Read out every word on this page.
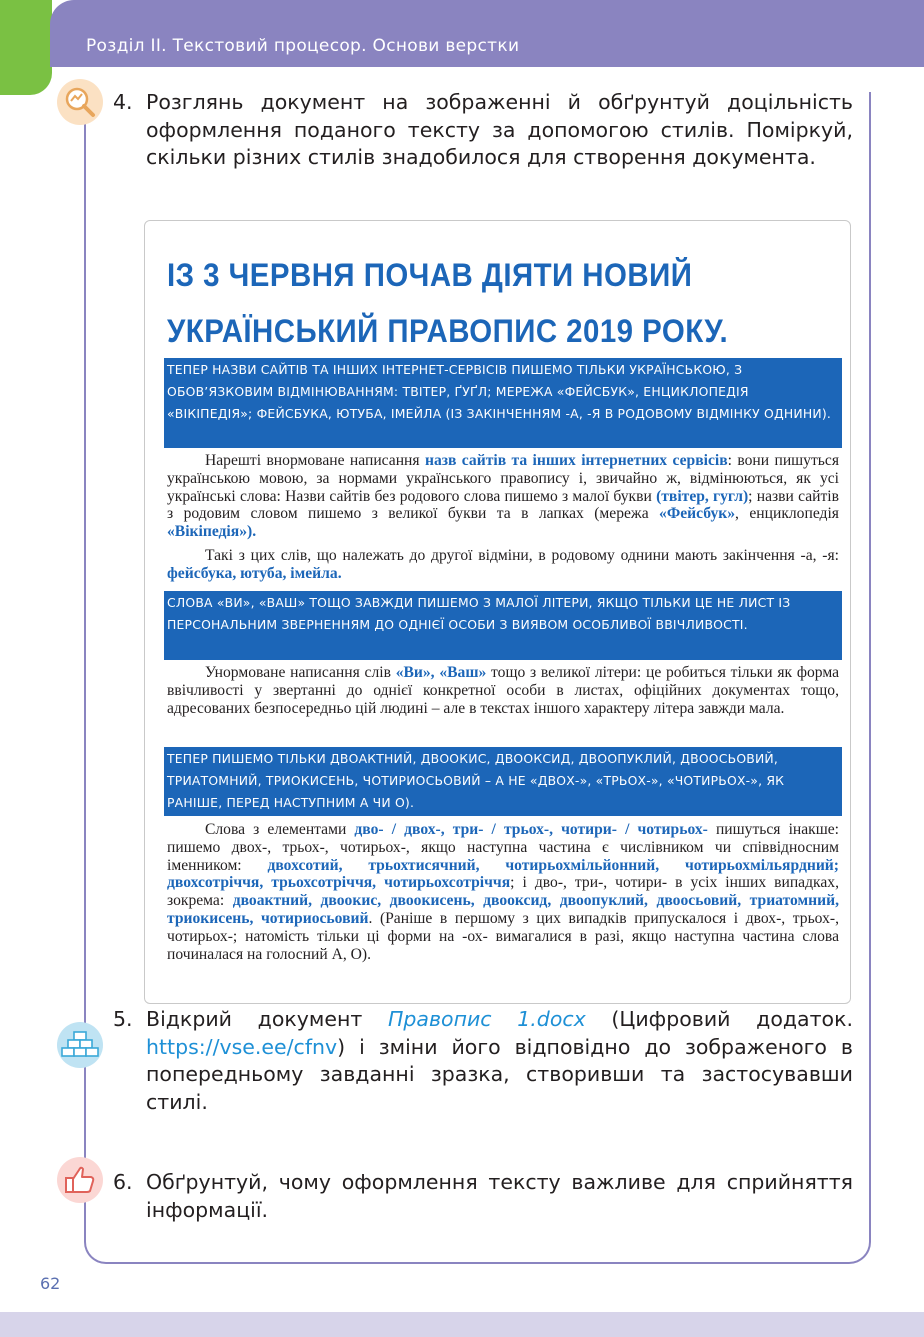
Розділ II. Текстовий процесор. Основи верстки
4. Розглянь документ на зображенні й обґрунтуй доцільність оформлення поданого тексту за допомогою стилів. Поміркуй, скільки різних стилів знадобилося для створення документа.
ІЗ 3 ЧЕРВНЯ ПОЧАВ ДІЯТИ НОВИЙ
УКРАЇНСЬКИЙ ПРАВОПИС 2019 РОКУ.
ТЕПЕР НАЗВИ САЙТІВ ТА ІНШИХ ІНТЕРНЕТ-СЕРВІСІВ ПИШЕМО ТІЛЬКИ УКРАЇНСЬКОЮ, З ОБОВ’ЯЗКОВИМ ВІДМІНЮВАННЯМ: ТВІТЕР, ҐУҐЛ; МЕРЕЖА «ФЕЙСБУК», ЕНЦИКЛОПЕДІЯ «ВІКІПЕДІЯ»; ФЕЙСБУКА, ЮТУБА, ІМЕЙЛА (ІЗ ЗАКІНЧЕННЯМ -А, -Я В РОДОВОМУ ВІДМІНКУ ОДНИНИ).
Нарешті внормоване написання назв сайтів та інших інтернетних сервісів: вони пишуться українською мовою, за нормами українського правопису і, звичайно ж, відмінюються, як усі українські слова: Назви сайтів без родового слова пишемо з малої букви (твітер, гугл); назви сайтів з родовим словом пишемо з великої букви та в лапках (мережа «Фейсбук», енциклопедія «Вікіпедія»).
Такі з цих слів, що належать до другої відміни, в родовому однини мають закінчення -а, -я: фейсбука, ютуба, імейла.
СЛОВА «ВИ», «ВАШ» ТОЩО ЗАВЖДИ ПИШЕМО З МАЛОЇ ЛІТЕРИ, ЯКЩО ТІЛЬКИ ЦЕ НЕ ЛИСТ ІЗ ПЕРСОНАЛЬНИМ ЗВЕРНЕННЯМ ДО ОДНІЄЇ ОСОБИ З ВИЯВОМ ОСОБЛИВОЇ ВВІЧЛИВОСТІ.
Унормоване написання слів «Ви», «Ваш» тощо з великої літери: це робиться тільки як форма ввічливості у звертанні до однієї конкретної особи в листах, офіційних документах тощо, адресованих безпосередньо цій людині – але в текстах іншого характеру літера завжди мала.
ТЕПЕР ПИШЕМО ТІЛЬКИ ДВОАКТНИЙ, ДВООКИС, ДВООКСИД, ДВООПУКЛИЙ, ДВООСЬОВИЙ, ТРИАТОМНИЙ, ТРИОКИСЕНЬ, ЧОТИРИОСЬОВИЙ – А НЕ «ДВОХ-», «ТРЬОХ-», «ЧОТИРЬОХ-», ЯК РАНІШЕ, ПЕРЕД НАСТУПНИМ А ЧИ О).
Слова з елементами дво- / двох-, три- / трьох-, чотири- / чотирьох- пишуться інакше: пишемо двох-, трьох-, чотирьох-, якщо наступна частина є числівником чи співвідносним іменником: двохсотий, трьохтисячний, чотирьохмільйонний, чотирьохмільярдний; двохсотріччя, трьохсотріччя, чотирьохсотріччя; і дво-, три-, чотири- в усіх інших випадках, зокрема: двоактний, двоокис, двоокисень, двооксид, двоопуклий, двоосьовий, триатомний, триокисень, чотириосьовий. (Раніше в першому з цих випадків припускалося і двох-, трьох-, чотирьох-; натомість тільки ці форми на -ох- вимагалися в разі, якщо наступна частина слова починалася на голосний А, О).
5. Відкрий документ Правопис 1.docx (Цифровий додаток. https://vse.ee/cfnv) і зміни його відповідно до зображеного в попередньому завданні зразка, створивши та застосувавши стилі.
6. Обґрунтуй, чому оформлення тексту важливе для сприйняття інформації.
62
